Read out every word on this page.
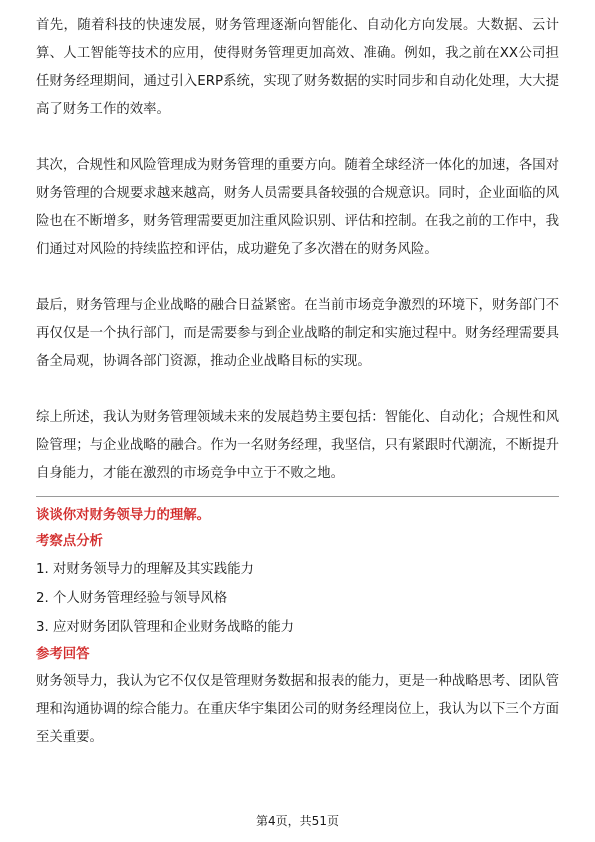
首先，随着科技的快速发展，财务管理逐渐向智能化、自动化方向发展。大数据、云计算、人工智能等技术的应用，使得财务管理更加高效、准确。例如，我之前在XX公司担任财务经理期间，通过引入ERP系统，实现了财务数据的实时同步和自动化处理，大大提高了财务工作的效率。

其次，合规性和风险管理成为财务管理的重要方向。随着全球经济一体化的加速，各国对财务管理的合规要求越来越高，财务人员需要具备较强的合规意识。同时，企业面临的风险也在不断增多，财务管理需要更加注重风险识别、评估和控制。在我之前的工作中，我们通过对风险的持续监控和评估，成功避免了多次潜在的财务风险。

最后，财务管理与企业战略的融合日益紧密。在当前市场竞争激烈的环境下，财务部门不再仅仅是一个执行部门，而是需要参与到企业战略的制定和实施过程中。财务经理需要具备全局观，协调各部门资源，推动企业战略目标的实现。

综上所述，我认为财务管理领域未来的发展趋势主要包括：智能化、自动化；合规性和风险管理；与企业战略的融合。作为一名财务经理，我坚信，只有紧跟时代潮流，不断提升自身能力，才能在激烈的市场竞争中立于不败之地。

谈谈你对财务领导力的理解。

考察点分析

1. 对财务领导力的理解及其实践能力

2. 个人财务管理经验与领导风格

3. 应对财务团队管理和企业财务战略的能力

参考回答

财务领导力，我认为它不仅仅是管理财务数据和报表的能力，更是一种战略思考、团队管理和沟通协调的综合能力。在重庆华宇集团公司的财务经理岗位上，我认为以下三个方面至关重要。

第4页，共51页
